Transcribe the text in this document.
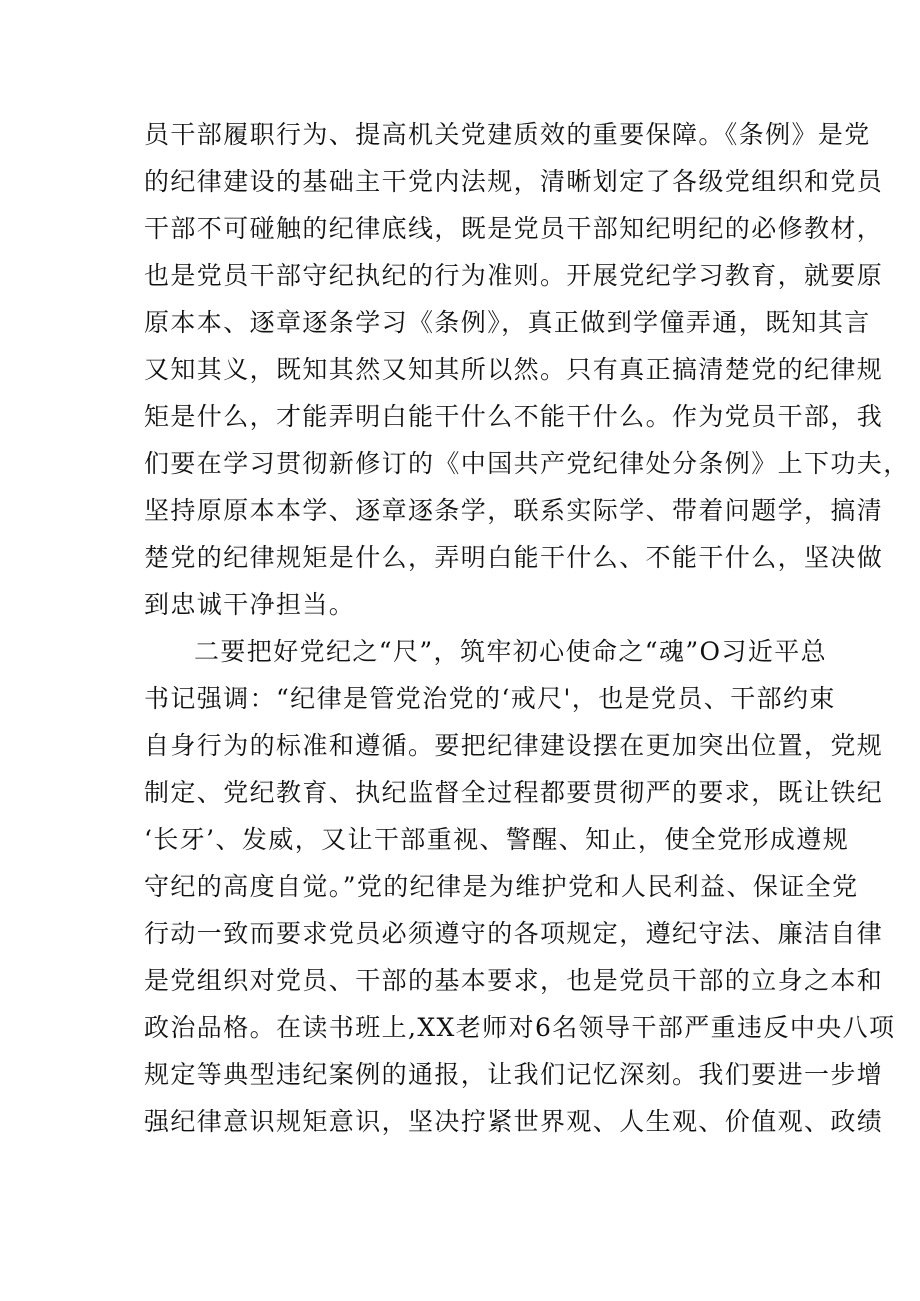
员干部履职行为、提高机关党建质效的重要保障。《条例》是党
的纪律建设的基础主干党内法规，清晰划定了各级党组织和党员
干部不可碰触的纪律底线，既是党员干部知纪明纪的必修教材，
也是党员干部守纪执纪的行为准则。开展党纪学习教育，就要原
原本本、逐章逐条学习《条例》，真正做到学僮弄通，既知其言
又知其义，既知其然又知其所以然。只有真正搞清楚党的纪律规
矩是什么，才能弄明白能干什么不能干什么。作为党员干部，我
们要在学习贯彻新修订的《中国共产党纪律处分条例》上下功夫，
坚持原原本本学、逐章逐条学，联系实际学、带着问题学，搞清
楚党的纪律规矩是什么，弄明白能干什么、不能干什么，坚决做
到忠诚干净担当。
二要把好党纪之“尺”，筑牢初心使命之“魂”O习近平总
书记强调：“纪律是管党治党的‘戒尺'，也是党员、干部约束
自身行为的标准和遵循。要把纪律建设摆在更加突出位置，党规
制定、党纪教育、执纪监督全过程都要贯彻严的要求，既让铁纪
‘长牙’、发威，又让干部重视、警醒、知止，使全党形成遵规
守纪的高度自觉。”党的纪律是为维护党和人民利益、保证全党
行动一致而要求党员必须遵守的各项规定，遵纪守法、廉洁自律
是党组织对党员、干部的基本要求，也是党员干部的立身之本和
政治品格。在读书班上,XX老师对6名领导干部严重违反中央八项
规定等典型违纪案例的通报，让我们记忆深刻。我们要进一步增
强纪律意识规矩意识，坚决拧紧世界观、人生观、价值观、政绩
